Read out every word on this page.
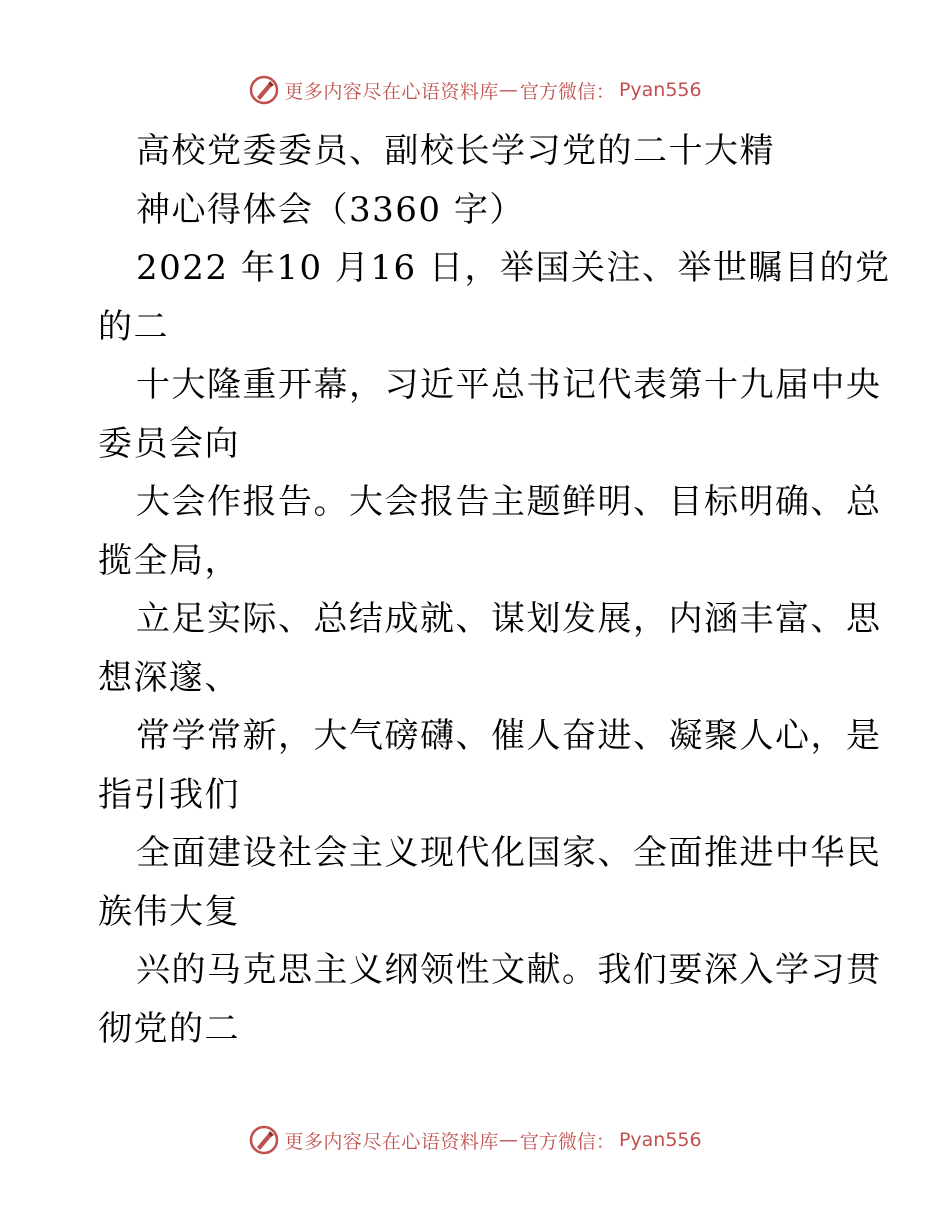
更多内容尽在心语资料库 — 官方微信： Pyan556
高校党委委员、副校长学习党的二十大精
神心得体会（3360 字）
2022 年10 月16 日，举国关注、举世瞩目的党
的二
十大隆重开幕，习近平总书记代表第十九届中央
委员会向
大会作报告。大会报告主题鲜明、目标明确、总
揽全局，
立足实际、总结成就、谋划发展，内涵丰富、思
想深邃、
常学常新，大气磅礴、催人奋进、凝聚人心，是
指引我们
全面建设社会主义现代化国家、全面推进中华民
族伟大复
兴的马克思主义纲领性文献。我们要深入学习贯
彻党的二
更多内容尽在心语资料库 — 官方微信： Pyan556
